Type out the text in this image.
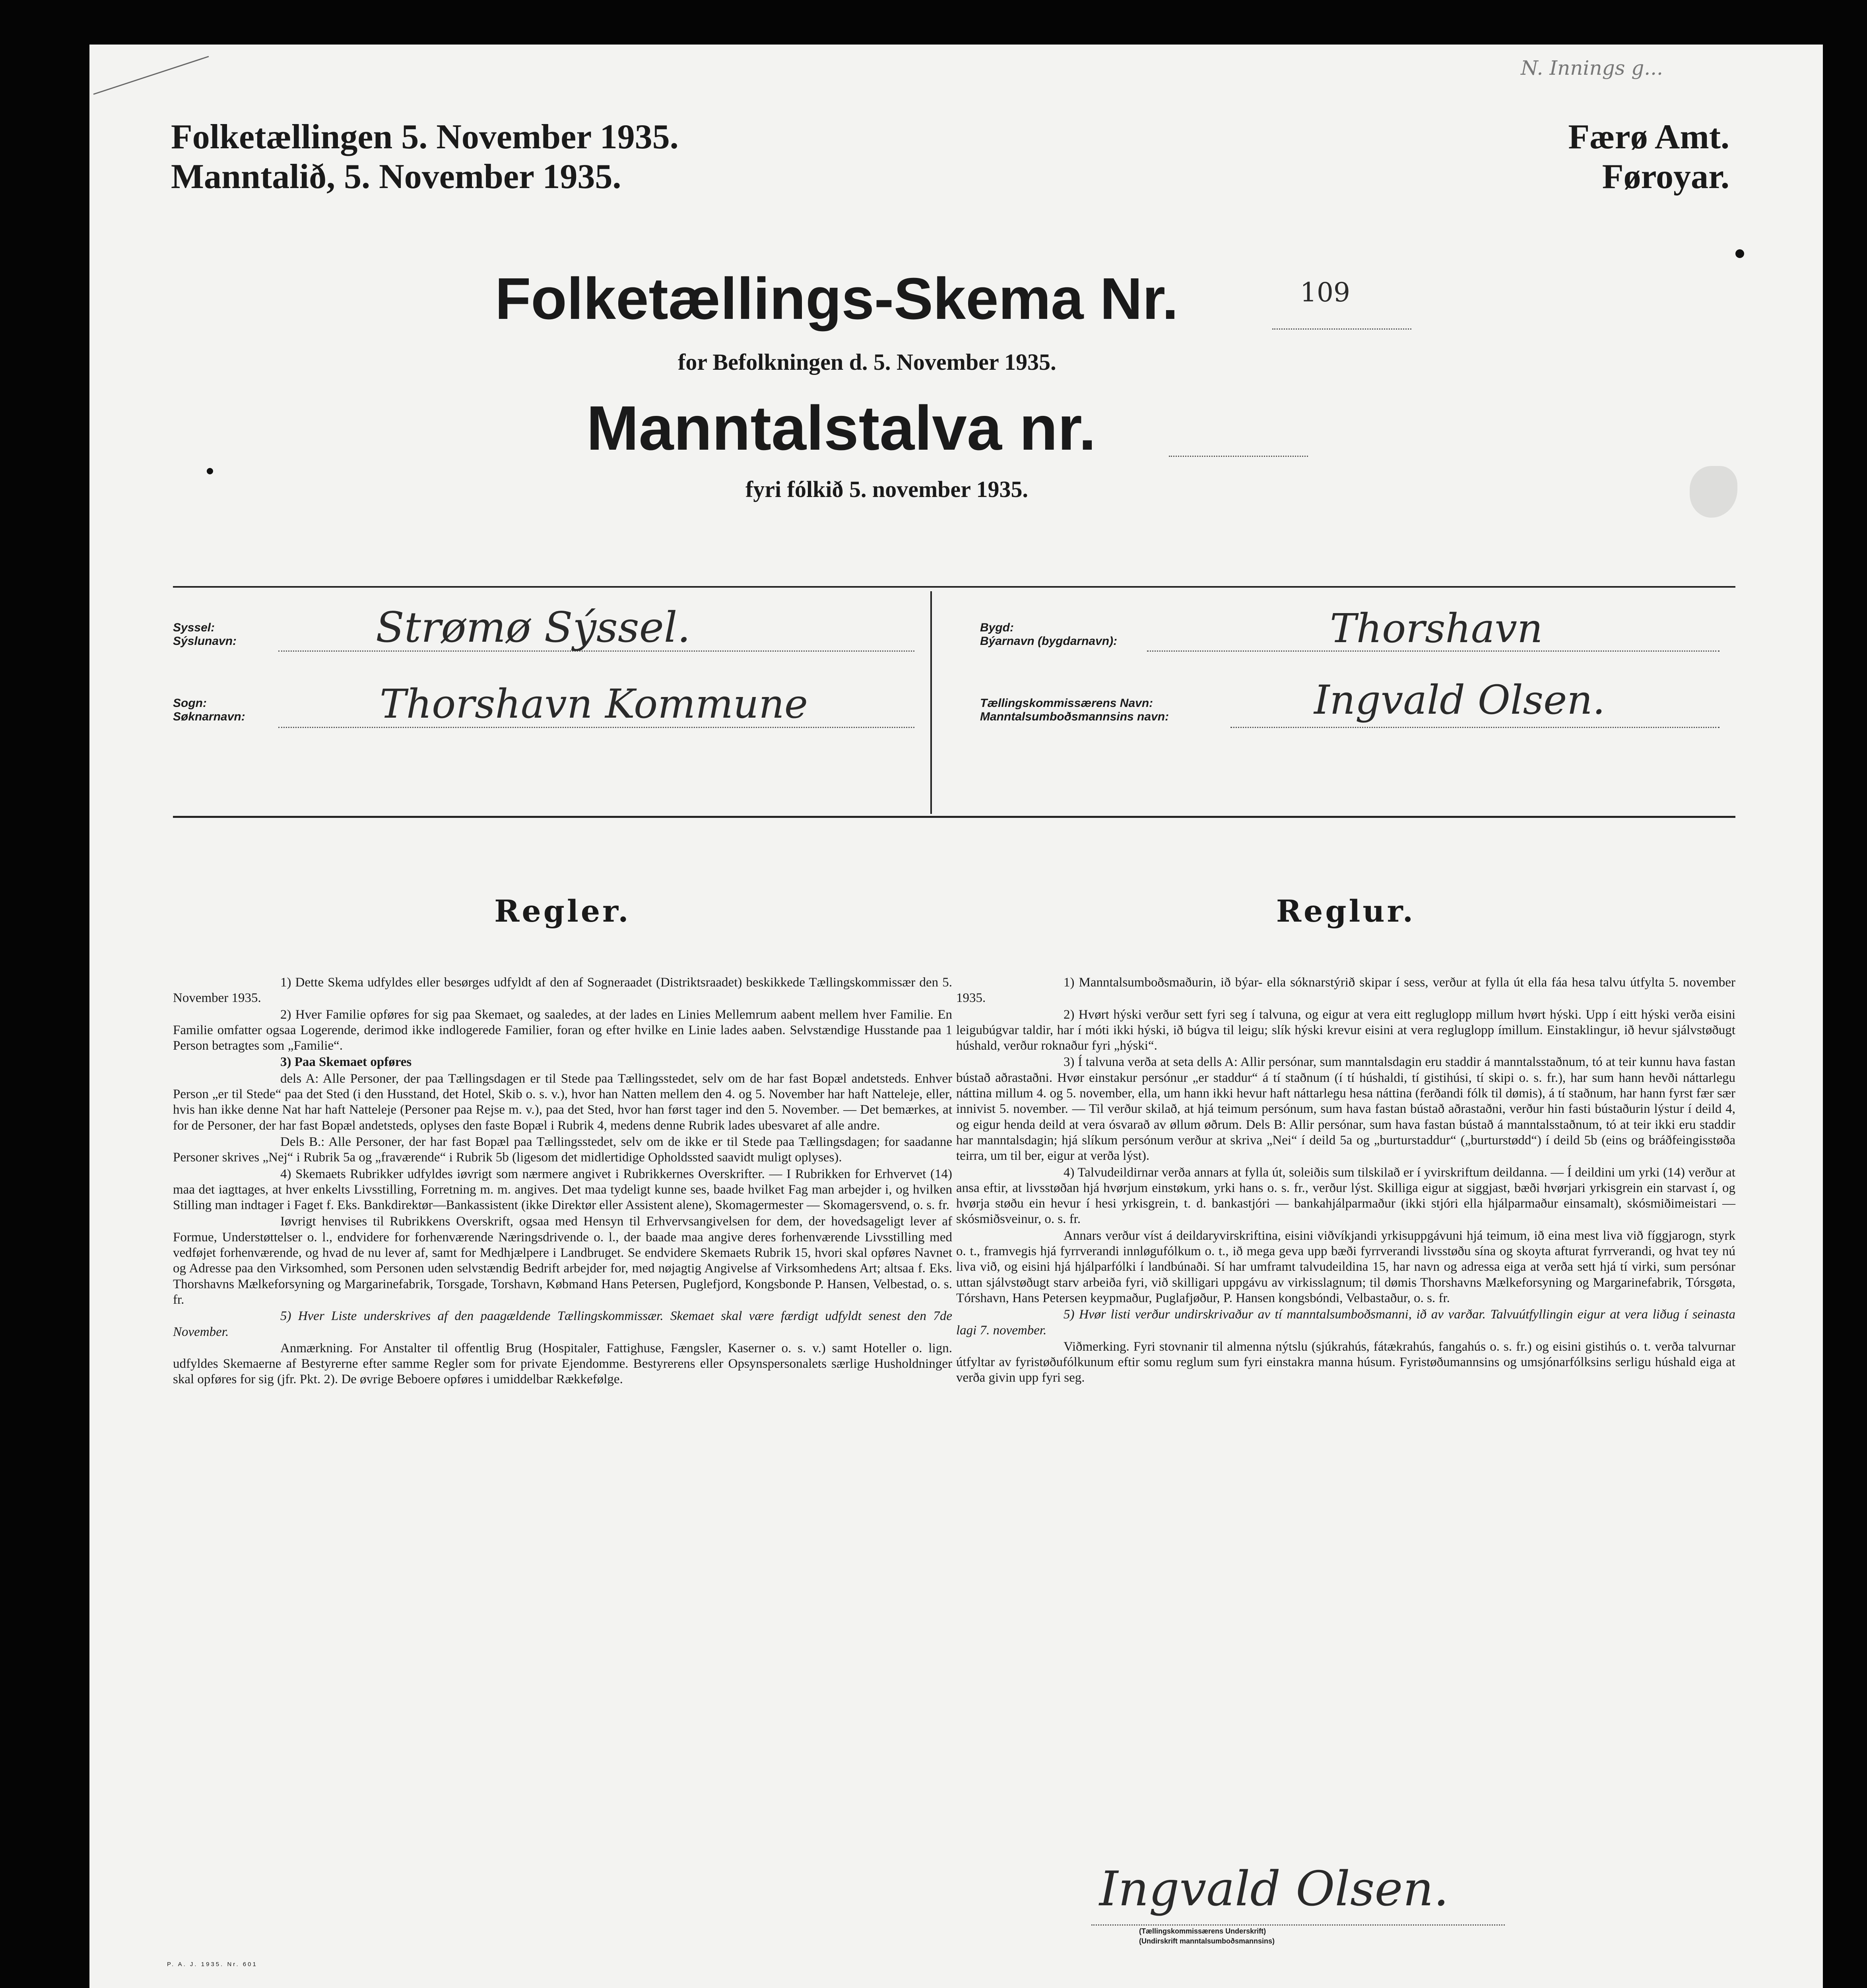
N. Innings g...
Folketællingen 5. November 1935.
Manntalið, 5. November 1935.
Færø Amt.
Føroyar.
Folketællings-Skema Nr.	109
for Befolkningen d. 5. November 1935.
Manntalstalva nr.
fyri fólkið 5. november 1935.
Syssel:
Sýslunavn:	Strømø Sýssel.
Sogn:
Søknarnavn:	Thorshavn Kommune
Bygd:
Býarnavn (bygdarnavn):	Thorshavn
Tællingskommissærens Navn:
Manntalsumboðsmannsins navn:	Ingvald Olsen.
Regler.

1) Dette Skema udfyldes eller besørges udfyldt af den af Sogneraadet (Distriktsraadet) beskikkede Tællingskommissær den 5. November 1935.

2) Hver Familie opføres for sig paa Skemaet, og saaledes, at der lades en Linies Mellemrum aabent mellem hver Familie. En Familie omfatter ogsaa Logerende, derimod ikke indlogerede Familier, foran og efter hvilke en Linie lades aaben. Selvstændige Husstande paa 1 Person betragtes som „Familie“.

3) Paa Skemaet opføres

dels A: Alle Personer, der paa Tællingsdagen er til Stede paa Tællingsstedet, selv om de har fast Bopæl andetsteds. Enhver Person „er til Stede“ paa det Sted (i den Husstand, det Hotel, Skib o. s. v.), hvor han Natten mellem den 4. og 5. November har haft Natteleje, eller, hvis han ikke denne Nat har haft Natteleje (Personer paa Rejse m. v.), paa det Sted, hvor han først tager ind den 5. November. — Det bemærkes, at for de Personer, der har fast Bopæl andetsteds, oplyses den faste Bopæl i Rubrik 4, medens denne Rubrik lades ubesvaret af alle andre.

Dels B.: Alle Personer, der har fast Bopæl paa Tællingsstedet, selv om de ikke er til Stede paa Tællingsdagen; for saadanne Personer skrives „Nej“ i Rubrik 5a og „fraværende“ i Rubrik 5b (ligesom det midlertidige Opholdssted saavidt muligt oplyses).

4) Skemaets Rubrikker udfyldes iøvrigt som nærmere angivet i Rubrikkernes Overskrifter. — I Rubrikken for Erhvervet (14) maa det iagttages, at hver enkelts Livsstilling, Forretning m. m. angives. Det maa tydeligt kunne ses, baade hvilket Fag man arbejder i, og hvilken Stilling man indtager i Faget f. Eks. Bankdirektør—Bankassistent (ikke Direktør eller Assistent alene), Skomagermester — Skomagersvend, o. s. fr.

Iøvrigt henvises til Rubrikkens Overskrift, ogsaa med Hensyn til Erhvervsangivelsen for dem, der hovedsageligt lever af Formue, Understøttelser o. l., endvidere for forhenværende Næringsdrivende o. l., der baade maa angive deres forhenværende Livsstilling med vedføjet forhenværende, og hvad de nu lever af, samt for Medhjælpere i Landbruget. Se endvidere Skemaets Rubrik 15, hvori skal opføres Navnet og Adresse paa den Virksomhed, som Personen uden selvstændig Bedrift arbejder for, med nøjagtig Angivelse af Virksomhedens Art; altsaa f. Eks. Thorshavns Mælkeforsyning og Margarinefabrik, Torsgade, Torshavn, Købmand Hans Petersen, Puglefjord, Kongsbonde P. Hansen, Velbestad, o. s. fr.

5) Hver Liste underskrives af den paagældende Tællingskommissær. Skemaet skal være færdigt udfyldt senest den 7de November.

Anmærkning. For Anstalter til offentlig Brug (Hospitaler, Fattighuse, Fængsler, Kaserner o. s. v.) samt Hoteller o. lign. udfyldes Skemaerne af Bestyrerne efter samme Regler som for private Ejendomme. Bestyrerens eller Opsynspersonalets særlige Husholdninger skal opføres for sig (jfr. Pkt. 2). De øvrige Beboere opføres i umiddelbar Rækkefølge.

Reglur.

1) Manntalsumboðsmaðurin, ið býar- ella sóknarstýrið skipar í sess, verður at fylla út ella fáa hesa talvu útfylta 5. november 1935.

2) Hvørt hýski verður sett fyri seg í talvuna, og eigur at vera eitt regluglopp millum hvørt hýski. Upp í eitt hýski verða eisini leigubúgvar taldir, har í móti ikki hýski, ið búgva til leigu; slík hýski krevur eisini at vera regluglopp ímillum. Einstaklingur, ið hevur sjálvstøðugt húshald, verður roknaður fyri „hýski“.

3) Í talvuna verða at seta dells A: Allir persónar, sum manntalsdagin eru staddir á manntalsstaðnum, tó at teir kunnu hava fastan bústað aðrastaðni. Hvør einstakur persónur „er staddur“ á tí staðnum (í tí húshaldi, tí gistihúsi, tí skipi o. s. fr.), har sum hann hevði náttarlegu náttina millum 4. og 5. november, ella, um hann ikki hevur haft náttarlegu hesa náttina (ferðandi fólk til dømis), á tí staðnum, har hann fyrst fær sær innivist 5. november. — Til verður skilað, at hjá teimum persónum, sum hava fastan bústað aðrastaðni, verður hin fasti bústaðurin lýstur í deild 4, og eigur henda deild at vera ósvarað av øllum øðrum. Dels B: Allir persónar, sum hava fastan bústað á manntalsstaðnum, tó at teir ikki eru staddir har manntalsdagin; hjá slíkum persónum verður at skriva „Nei“ í deild 5a og „burturstaddur“ („burturstødd“) í deild 5b (eins og bráðfeingisstøða teirra, um til ber, eigur at verða lýst).

4) Talvudeildirnar verða annars at fylla út, soleiðis sum tilskilað er í yvirskriftum deildanna. — Í deildini um yrki (14) verður at ansa eftir, at livsstøðan hjá hvørjum einstøkum, yrki hans o. s. fr., verður lýst. Skilliga eigur at siggjast, bæði hvørjari yrkisgrein ein starvast í, og hvørja støðu ein hevur í hesi yrkisgrein, t. d. bankastjóri — bankahjálparmaður (ikki stjóri ella hjálparmaður einsamalt), skósmiðimeistari — skósmiðsveinur, o. s. fr.

Annars verður víst á deildaryvirskriftina, eisini viðvíkjandi yrkisuppgávuni hjá teimum, ið eina mest liva við fíggjarogn, styrk o. t., framvegis hjá fyrrverandi innløgufólkum o. t., ið mega geva upp bæði fyrrverandi livsstøðu sína og skoyta afturat fyrrverandi, og hvat tey nú liva við, og eisini hjá hjálparfólki í landbúnaði. Sí har umframt talvudeildina 15, har navn og adressa eiga at verða sett hjá tí virki, sum persónar uttan sjálvstøðugt starv arbeiða fyri, við skilligari uppgávu av virkisslagnum; til dømis Thorshavns Mælkeforsyning og Margarinefabrik, Tórsgøta, Tórshavn, Hans Petersen keypmaður, Puglafjøður, P. Hansen kongsbóndi, Velbastaður, o. s. fr.

5) Hvør listi verður undirskrivaður av tí manntalsumboðsmanni, ið av varðar. Talvuútfyllingin eigur at vera liðug í seinasta lagi 7. november.

Viðmerking. Fyri stovnanir til almenna nýtslu (sjúkrahús, fátækrahús, fangahús o. s. fr.) og eisini gistihús o. t. verða talvurnar útfyltar av fyristøðufólkunum eftir somu reglum sum fyri einstakra manna húsum. Fyristøðumannsins og umsjónarfólksins serligu húshald eiga at verða givin upp fyri seg.

P. A. J. 1935. Nr. 601
Ingvald Olsen.
(Tællingskommissærens Underskrift)
(Undirskrift manntalsumboðsmannsins)
